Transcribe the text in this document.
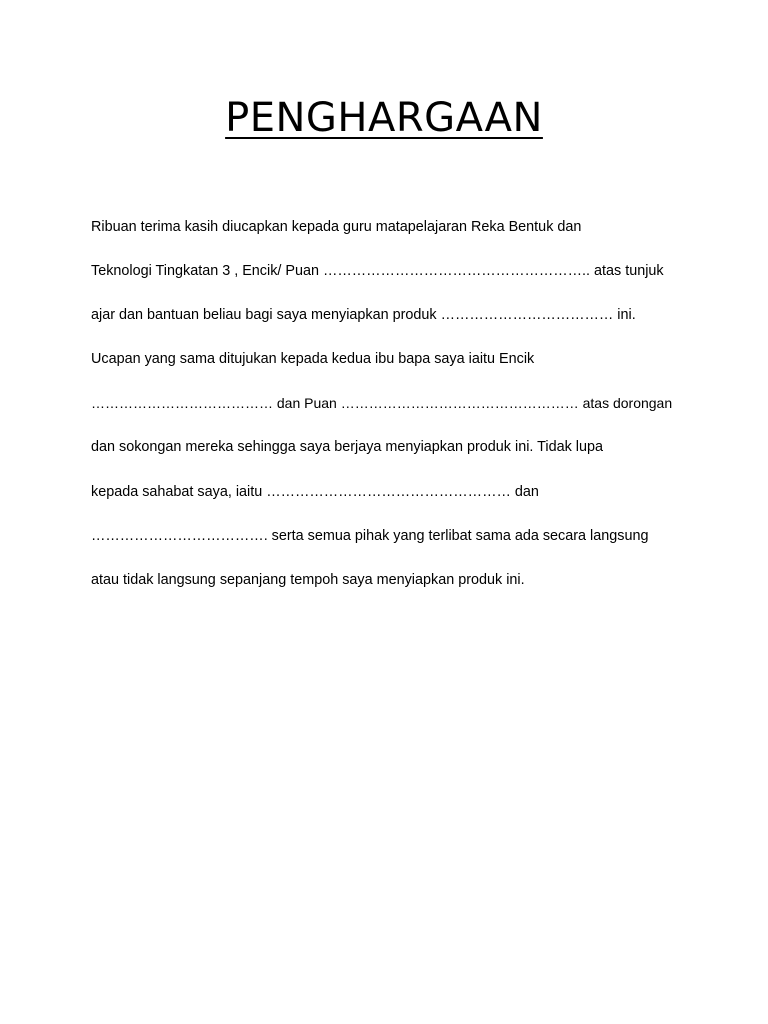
PENGHARGAAN
Ribuan terima kasih diucapkan kepada guru matapelajaran Reka Bentuk dan
Teknologi Tingkatan 3 , Encik/ Puan ……………………………………………….. atas tunjuk
ajar dan bantuan beliau bagi saya menyiapkan produk ……………………………… ini.
Ucapan yang sama ditujukan kepada kedua ibu bapa saya iaitu Encik
………………………………… dan Puan …………………………………………… atas dorongan
dan sokongan mereka sehingga saya berjaya menyiapkan produk ini. Tidak lupa
kepada sahabat saya, iaitu …………………………………………… dan
………………………………. serta semua pihak yang terlibat sama ada secara langsung
atau tidak langsung sepanjang tempoh saya menyiapkan produk ini.
